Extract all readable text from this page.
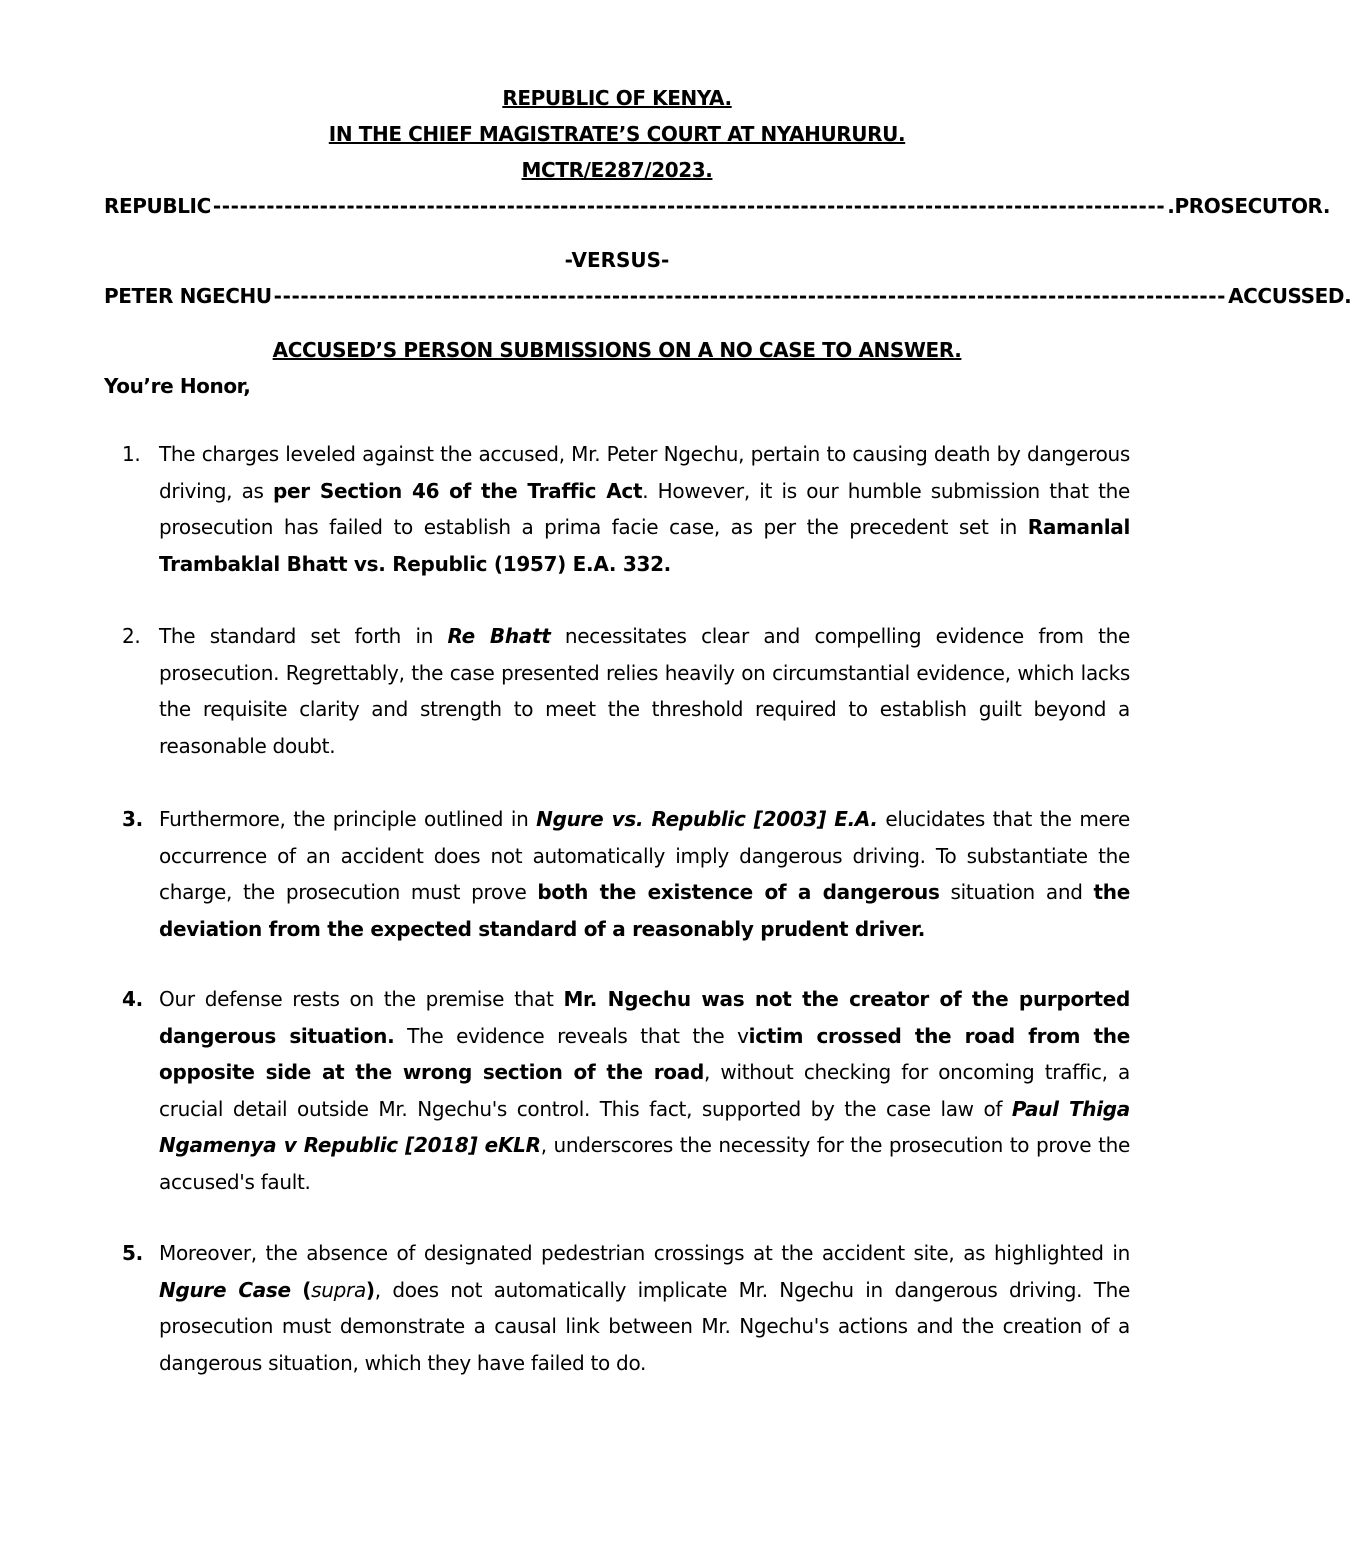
REPUBLIC OF KENYA.
IN THE CHIEF MAGISTRATE’S COURT AT NYAHURURU.
MCTR/E287/2023.
REPUBLIC ----------------------------------------------------------------------------------------------------------- .PROSECUTOR.
-VERSUS-
PETER NGECHU ----------------------------------------------------------------------------------------------------------- ACCUSSED.
ACCUSED’S PERSON SUBMISSIONS ON A NO CASE TO ANSWER.
You’re Honor,
1. The charges leveled against the accused, Mr. Peter Ngechu, pertain to causing death by dangerous driving, as per Section 46 of the Traffic Act. However, it is our humble submission that the prosecution has failed to establish a prima facie case, as per the precedent set in Ramanlal Trambaklal Bhatt vs. Republic (1957) E.A. 332.
2. The standard set forth in Re Bhatt necessitates clear and compelling evidence from the prosecution. Regrettably, the case presented relies heavily on circumstantial evidence, which lacks the requisite clarity and strength to meet the threshold required to establish guilt beyond a reasonable doubt.
3. Furthermore, the principle outlined in Ngure vs. Republic [2003] E.A. elucidates that the mere occurrence of an accident does not automatically imply dangerous driving. To substantiate the charge, the prosecution must prove both the existence of a dangerous situation and the deviation from the expected standard of a reasonably prudent driver.
4. Our defense rests on the premise that Mr. Ngechu was not the creator of the purported dangerous situation. The evidence reveals that the victim crossed the road from the opposite side at the wrong section of the road, without checking for oncoming traffic, a crucial detail outside Mr. Ngechu's control. This fact, supported by the case law of Paul Thiga Ngamenya v Republic [2018] eKLR, underscores the necessity for the prosecution to prove the accused's fault.
5. Moreover, the absence of designated pedestrian crossings at the accident site, as highlighted in Ngure Case (supra), does not automatically implicate Mr. Ngechu in dangerous driving. The prosecution must demonstrate a causal link between Mr. Ngechu's actions and the creation of a dangerous situation, which they have failed to do.
